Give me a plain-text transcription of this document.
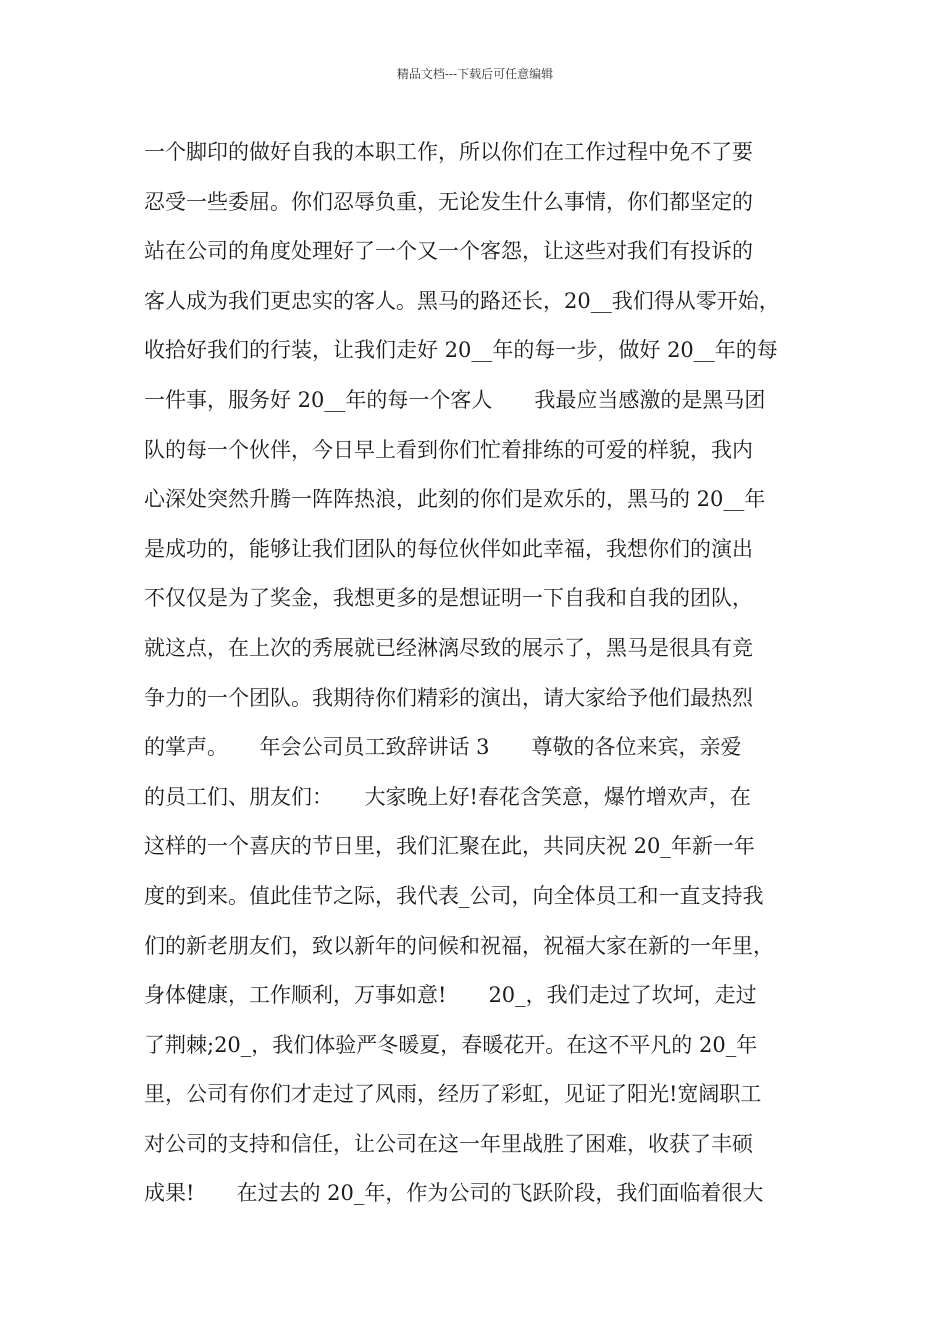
精品文档---下载后可任意编辑

一个脚印的做好自我的本职工作，所以你们在工作过程中免不了要

忍受一些委屈。你们忍辱负重，无论发生什么事情，你们都坚定的

站在公司的角度处理好了一个又一个客怨，让这些对我们有投诉的

客人成为我们更忠实的客人。黑马的路还长，20__我们得从零开始，

收拾好我们的行装，让我们走好 20__年的每一步，做好 20__年的每

一件事，服务好 20__年的每一个客人　　我最应当感激的是黑马团

队的每一个伙伴，今日早上看到你们忙着排练的可爱的样貌，我内

心深处突然升腾一阵阵热浪，此刻的你们是欢乐的，黑马的 20__年

是成功的，能够让我们团队的每位伙伴如此幸福，我想你们的演出

不仅仅是为了奖金，我想更多的是想证明一下自我和自我的团队，

就这点，在上次的秀展就已经淋漓尽致的展示了，黑马是很具有竞

争力的一个团队。我期待你们精彩的演出，请大家给予他们最热烈

的掌声。　　年会公司员工致辞讲话 3　　尊敬的各位来宾，亲爱

的员工们、朋友们：　　大家晚上好!春花含笑意，爆竹增欢声，在

这样的一个喜庆的节日里，我们汇聚在此，共同庆祝 20_年新一年

度的到来。值此佳节之际，我代表_公司，向全体员工和一直支持我

们的新老朋友们，致以新年的问候和祝福，祝福大家在新的一年里，

身体健康，工作顺利，万事如意!　　20_，我们走过了坎坷，走过

了荆棘;20_，我们体验严冬暖夏，春暖花开。在这不平凡的 20_年

里，公司有你们才走过了风雨，经历了彩虹，见证了阳光!宽阔职工

对公司的支持和信任，让公司在这一年里战胜了困难，收获了丰硕

成果!　　在过去的 20_年，作为公司的飞跃阶段，我们面临着很大
